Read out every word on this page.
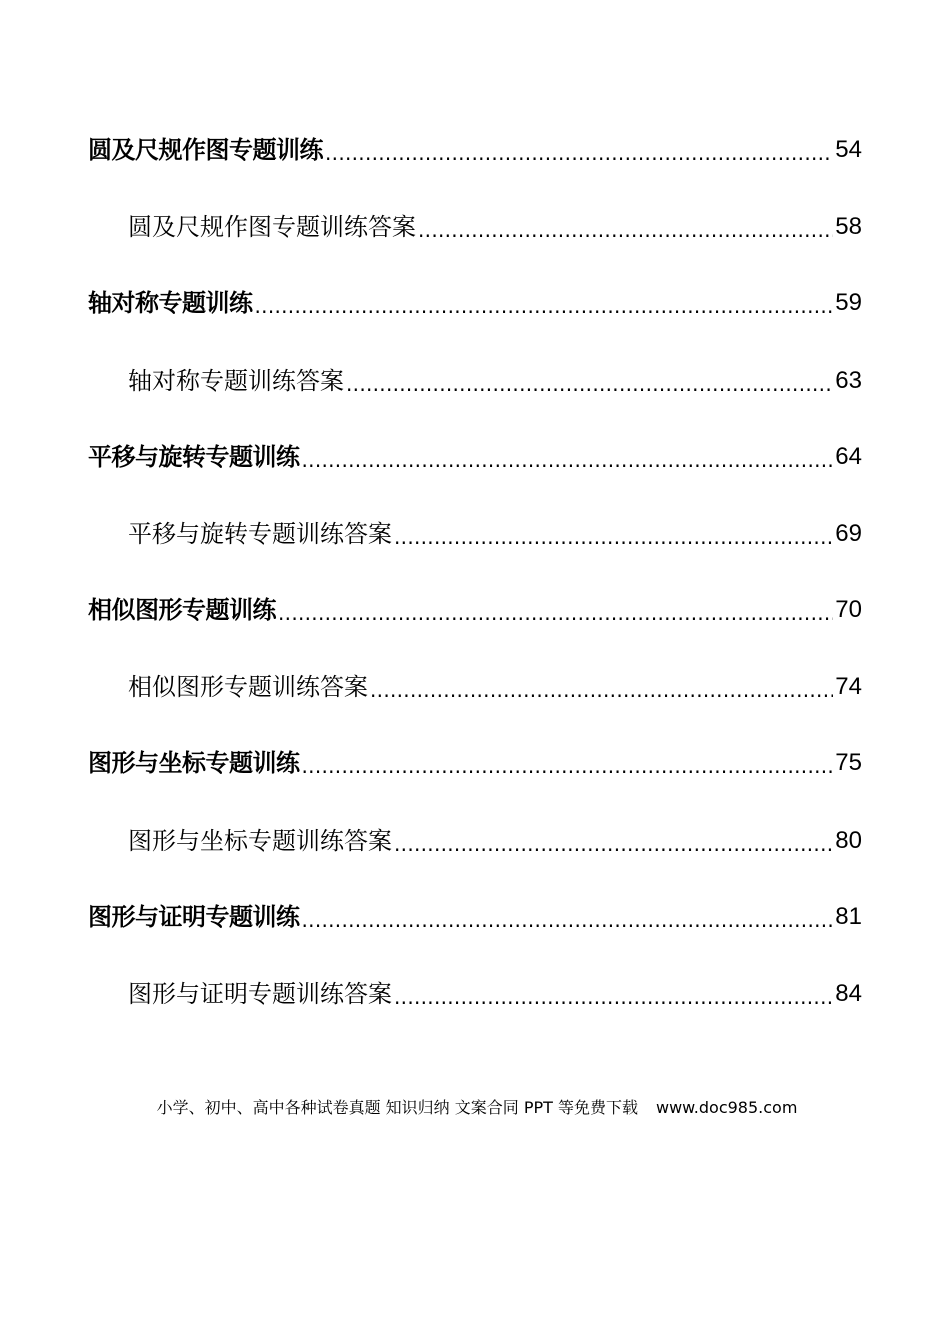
圆及尺规作图专题训练 .....	54
圆及尺规作图专题训练答案 .....	58
轴对称专题训练 .....	59
轴对称专题训练答案 .....	63
平移与旋转专题训练 .....	64
平移与旋转专题训练答案 .....	69
相似图形专题训练 .....	70
相似图形专题训练答案 .....	74
图形与坐标专题训练 .....	75
图形与坐标专题训练答案 .....	80
图形与证明专题训练 .....	81
图形与证明专题训练答案 .....	84
小学、初中、高中各种试卷真题 知识归纳 文案合同 PPT 等免费下载 www.doc985.com
